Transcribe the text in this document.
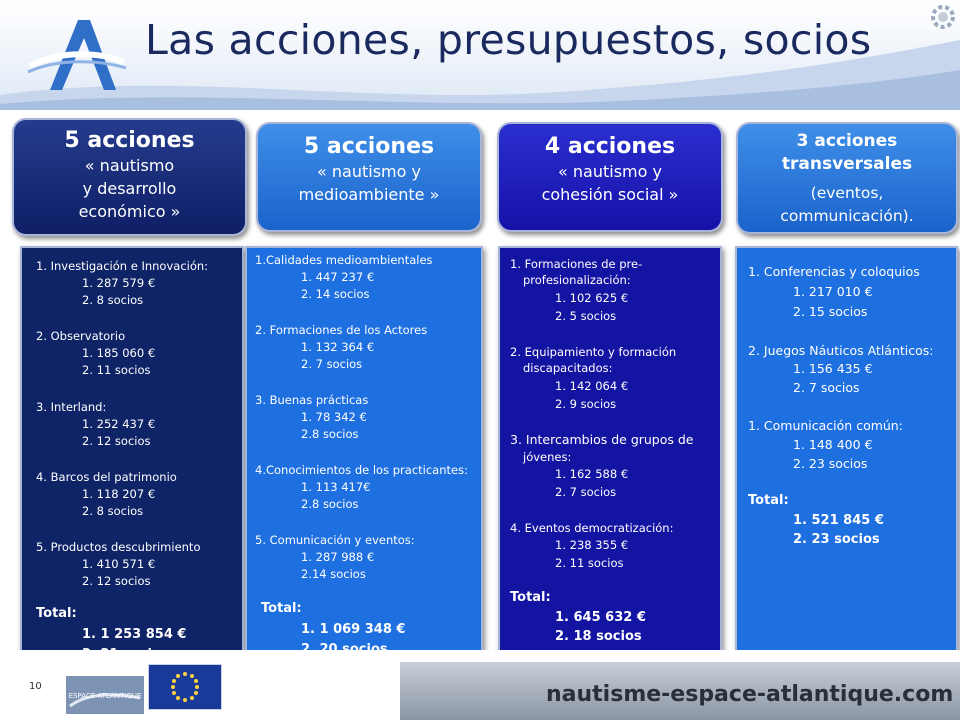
Las acciones, presupuestos, socios
5 acciones
« nautismo
y desarrollo
económico »
5 acciones
« nautismo y
medioambiente »
4 acciones
« nautismo y
cohesión social »
3 acciones
transversales
(eventos,
communicación).
1. Investigación e Innovación:
1. 287 579 €
2. 8 socios
2. Observatorio
1. 185 060 €
2. 11 socios
3. Interland:
1. 252 437 €
2. 12 socios
4. Barcos del patrimonio
1. 118 207 €
2. 8 socios
5. Productos descubrimiento
1. 410 571 €
2. 12 socios
Total:
1. 1 253 854 €
1.Calidades medioambientales
1. 447 237 €
2. 14 socios
2. Formaciones de los Actores
1. 132 364 €
2. 7 socios
3. Buenas prácticas
1. 78 342 €
2.8 socios
4.Conocimientos de los practicantes:
1. 113 417€
2.8 socios
5. Comunicación y eventos:
1. 287 988 €
2.14 socios
Total:
1. 1 069 348 €
1. Formaciones de pre-
profesionalización:
1. 102 625 €
2. 5 socios
2. Equipamiento y formación
discapacitados:
1. 142 064 €
2. 9 socios
3. Intercambios de grupos de
jóvenes:
1. 162 588 €
2. 7 socios
4. Eventos democratización:
1. 238 355 €
2. 11 socios
Total:
1. 645 632 €
2. 18 socios
1. Conferencias y coloquios
1. 217 010 €
2. 15 socios
2. Juegos Náuticos Atlánticos:
1. 156 435 €
2. 7 socios
1. Comunicación común:
1. 148 400 €
2. 23 socios
Total:
1. 521 845 €
2. 23 socios
10
ESPACE ATLANTIQUE	nautisme-espace-atlantique.com
